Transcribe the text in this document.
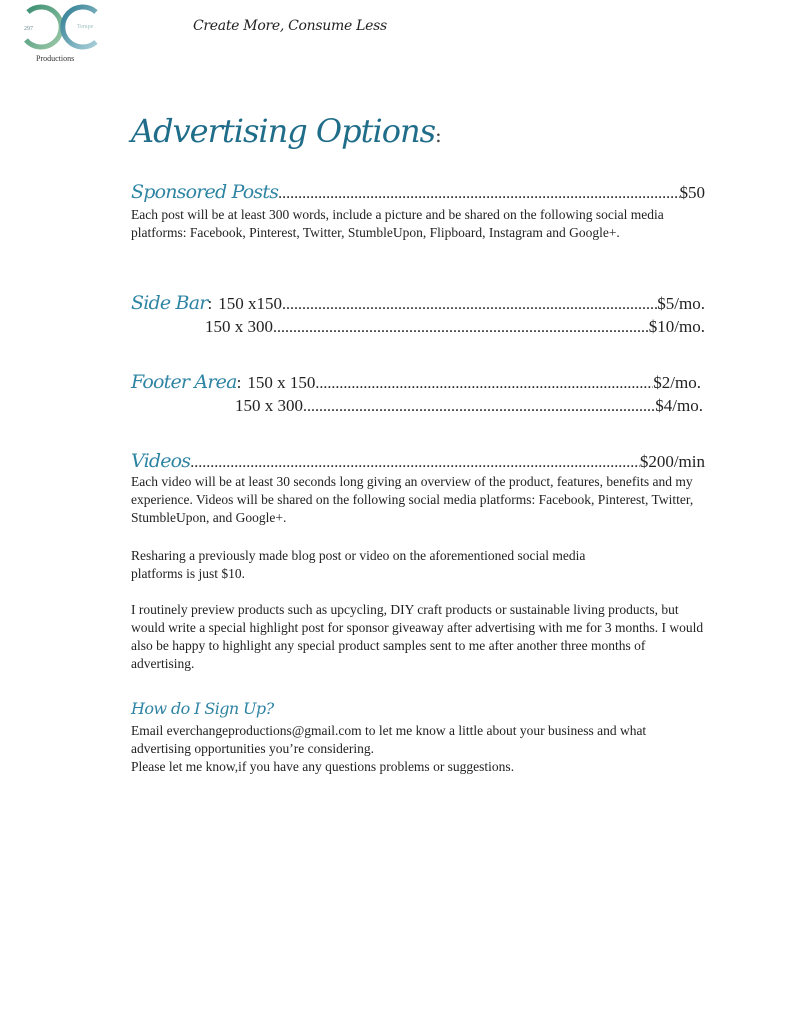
297	Tempe
Productions
Create More, Consume Less
Advertising Options:
Sponsored Posts .....	$50
Each post will be at least 300 words, include a picture and be shared on the following social media platforms: Facebook, Pinterest, Twitter, StumbleUpon, Flipboard, Instagram and Google+.
Side Bar : 150 x150 .....	$5/mo.
150 x 300 .....	$10/mo.
Footer Area : 150 x 150 .....	$2/mo.
150 x 300 .....	$4/mo.
Videos .....	$200/min
Each video will be at least 30 seconds long giving an overview of the product, features, benefits and my experience. Videos will be shared on the following social media platforms: Facebook, Pinterest, Twitter, StumbleUpon, and Google+.
Resharing a previously made blog post or video on the aforementioned social media platforms is just $10.
I routinely preview products such as upcycling, DIY craft products or sustainable living products, but would write a special highlight post for sponsor giveaway after advertising with me for 3 months. I would also be happy to highlight any special product samples sent to me after another three months of advertising.
How do I Sign Up?
Email everchangeproductions@gmail.com to let me know a little about your business and what advertising opportunities you’re considering.
Please let me know,if you have any questions problems or suggestions.
